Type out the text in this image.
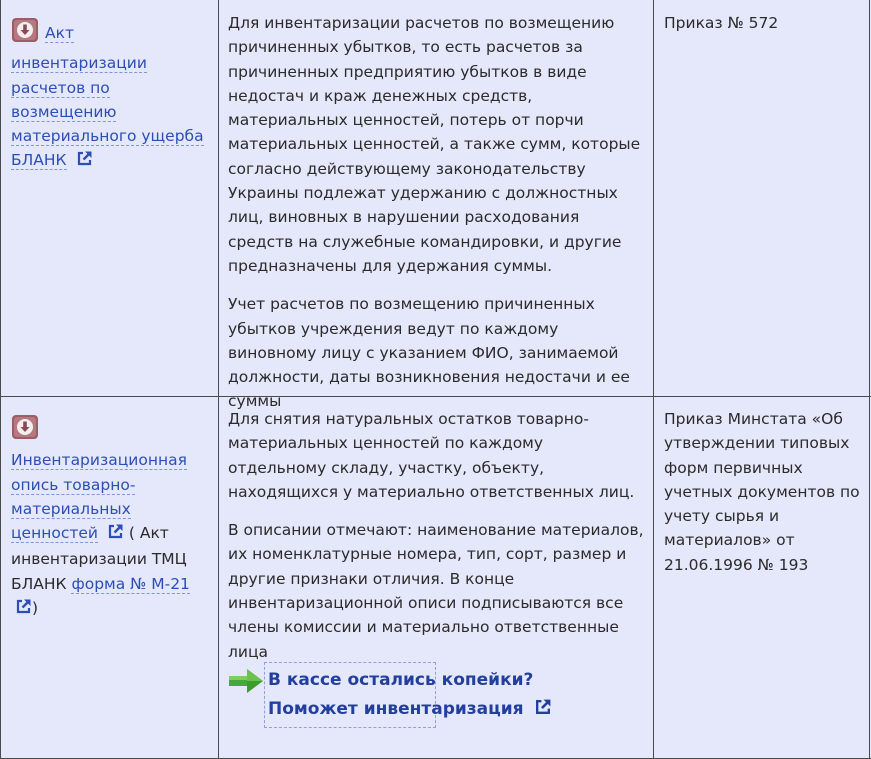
Акт инвентаризации расчетов по возмещению материального ущерба
БЛАНК

Для инвентаризации расчетов по возмещению причиненных убытков, то есть расчетов за причиненных предприятию убытков в виде недостач и краж денежных средств, материальных ценностей, потерь от порчи материальных ценностей, а также сумм, которые согласно действующему законодательству Украины подлежат удержанию с должностных лиц, виновных в нарушении расходования средств на служебные командировки, и другие предназначены для удержания суммы.

Учет расчетов по возмещению причиненных убытков учреждения ведут по каждому виновному лицу с указанием ФИО, занимаемой должности, даты возникновения недостачи и ее суммы

Приказ № 572
Инвентаризационная опись товарно-материальных ценностей  ( Акт инвентаризации ТМЦ БЛАНК форма № М-21 )

Для снятия натуральных остатков товарно-материальных ценностей по каждому отдельному складу, участку, объекту, находящихся у материально ответственных лиц.

В описании отмечают: наименование материалов, их номенклатурные номера, тип, сорт, размер и другие признаки отличия. В конце инвентаризационной описи подписываются все члены комиссии и материально ответственные лица

В кассе остались копейки? Поможет инвентаризация
Приказ Минстата «Об утверждении типовых форм первичных учетных документов по учету сырья и материалов» от 21.06.1996 № 193
